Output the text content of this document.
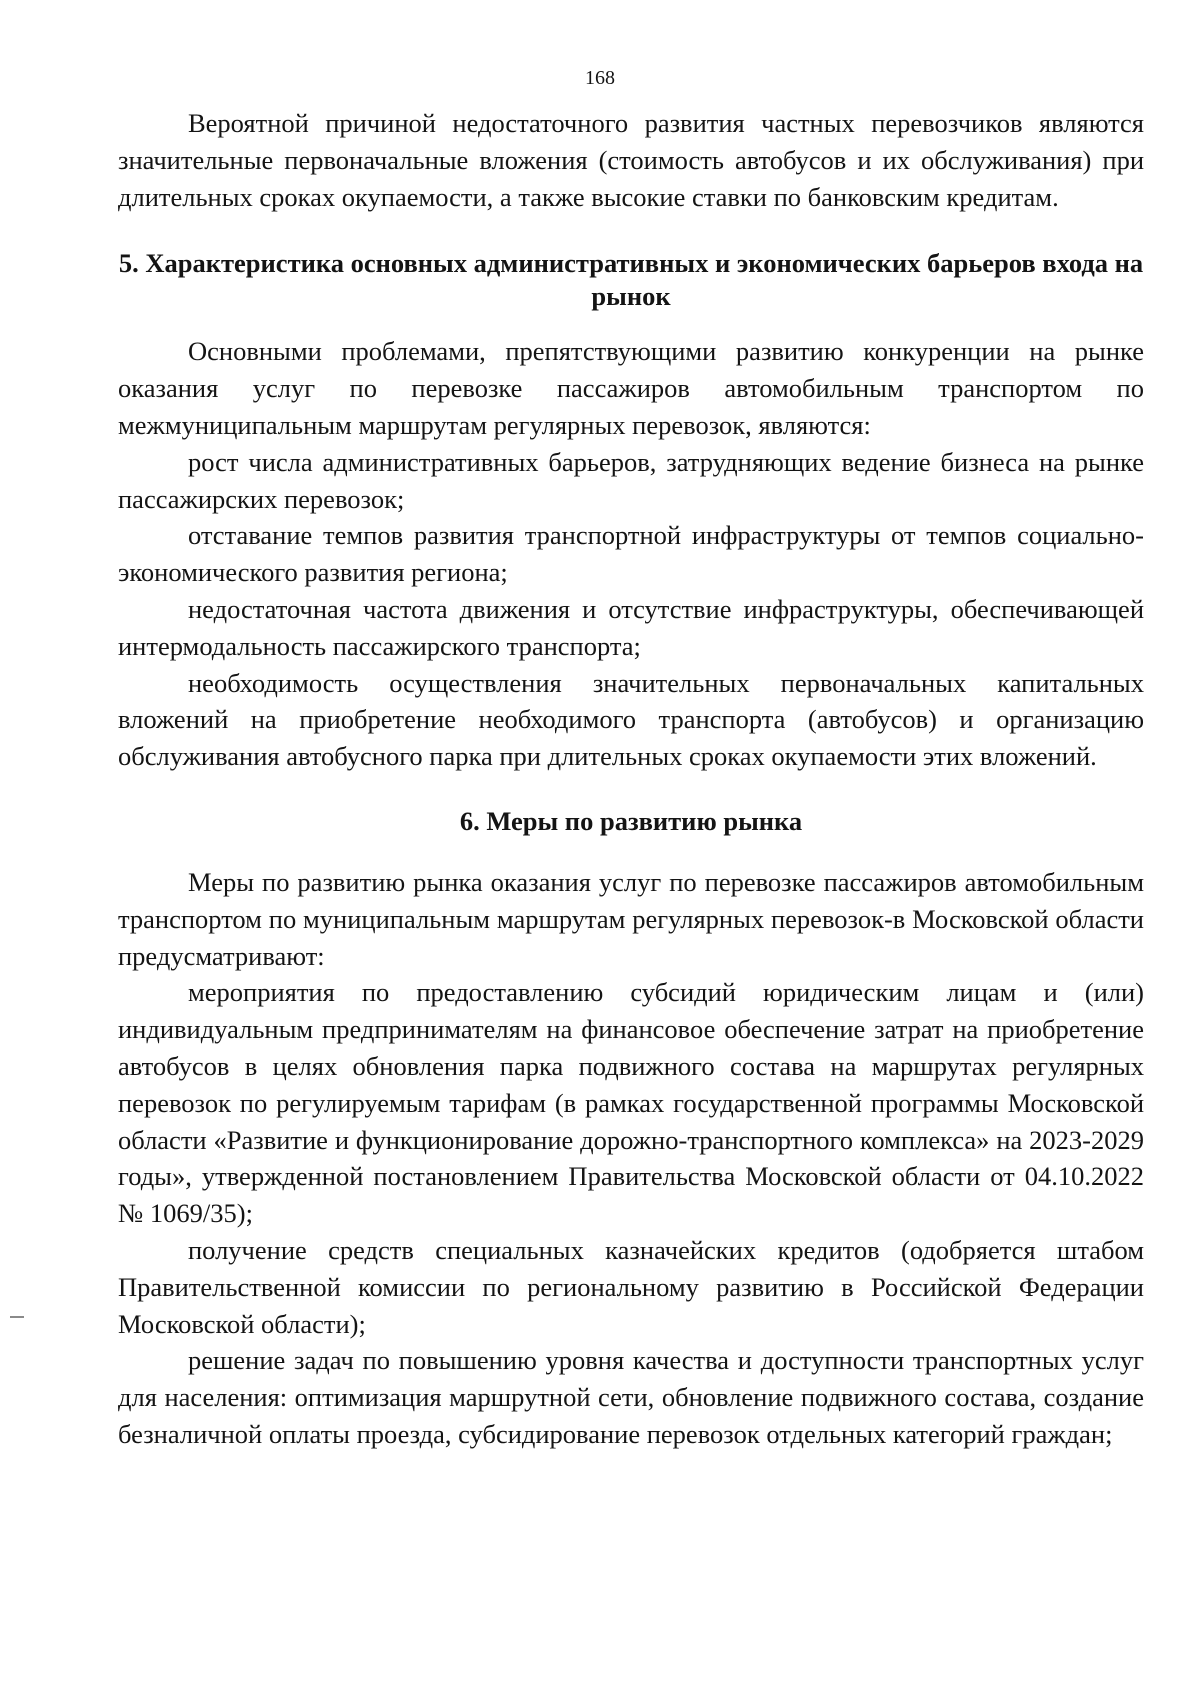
168

Вероятной причиной недостаточного развития частных перевозчиков являются значительные первоначальные вложения (стоимость автобусов и их обслуживания) при длительных сроках окупаемости, а также высокие ставки по банковским кредитам.

5. Характеристика основных административных и экономических барьеров входа на рынок

Основными проблемами, препятствующими развитию конкуренции на рынке оказания услуг по перевозке пассажиров автомобильным транспортом по межмуниципальным маршрутам регулярных перевозок, являются:

рост числа административных барьеров, затрудняющих ведение бизнеса на рынке пассажирских перевозок;

отставание темпов развития транспортной инфраструктуры от темпов социально-экономического развития региона;

недостаточная частота движения и отсутствие инфраструктуры, обеспечивающей интермодальность пассажирского транспорта;

необходимость осуществления значительных первоначальных капитальных вложений на приобретение необходимого транспорта (автобусов) и организацию обслуживания автобусного парка при длительных сроках окупаемости этих вложений.

6. Меры по развитию рынка

Меры по развитию рынка оказания услуг по перевозке пассажиров автомобильным транспортом по муниципальным маршрутам регулярных перевозок-в Московской области предусматривают:

мероприятия по предоставлению субсидий юридическим лицам и (или) индивидуальным предпринимателям на финансовое обеспечение затрат на приобретение автобусов в целях обновления парка подвижного состава на маршрутах регулярных перевозок по регулируемым тарифам (в рамках государственной программы Московской области «Развитие и функционирование дорожно-транспортного комплекса» на 2023-2029 годы», утвержденной постановлением Правительства Московской области от 04.10.2022 № 1069/35);

получение средств специальных казначейских кредитов (одобряется штабом Правительственной комиссии по региональному развитию в Российской Федерации Московской области);

решение задач по повышению уровня качества и доступности транспортных услуг для населения: оптимизация маршрутной сети, обновление подвижного состава, создание безналичной оплаты проезда, субсидирование перевозок отдельных категорий граждан;
